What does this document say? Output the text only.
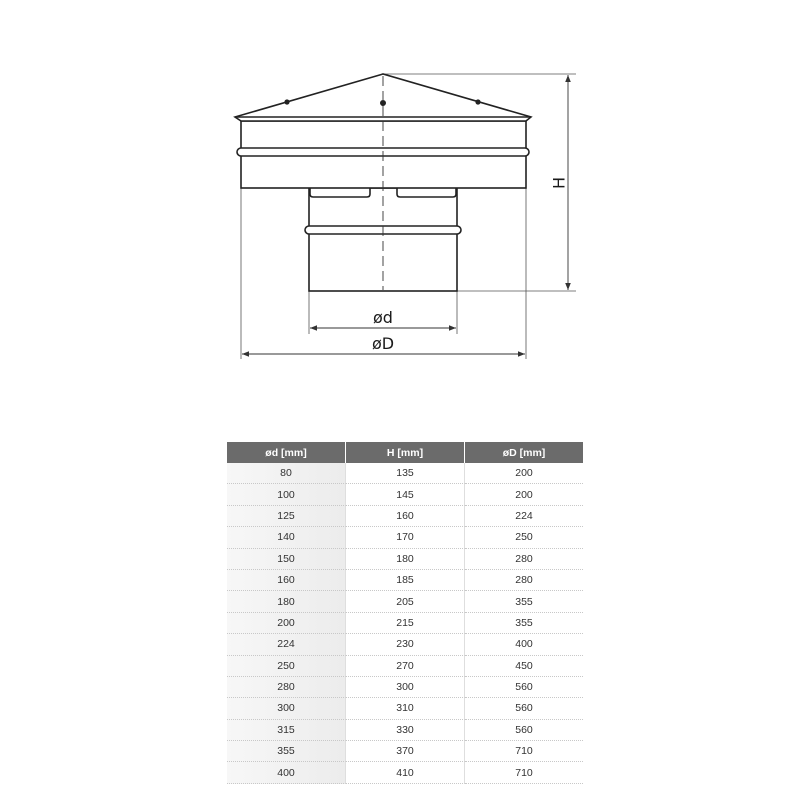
H
ød
øD
ød [mm]	H [mm]	øD [mm]
80	135	200
100	145	200
125	160	224
140	170	250
150	180	280
160	185	280
180	205	355
200	215	355
224	230	400
250	270	450
280	300	560
300	310	560
315	330	560
355	370	710
400	410	710
